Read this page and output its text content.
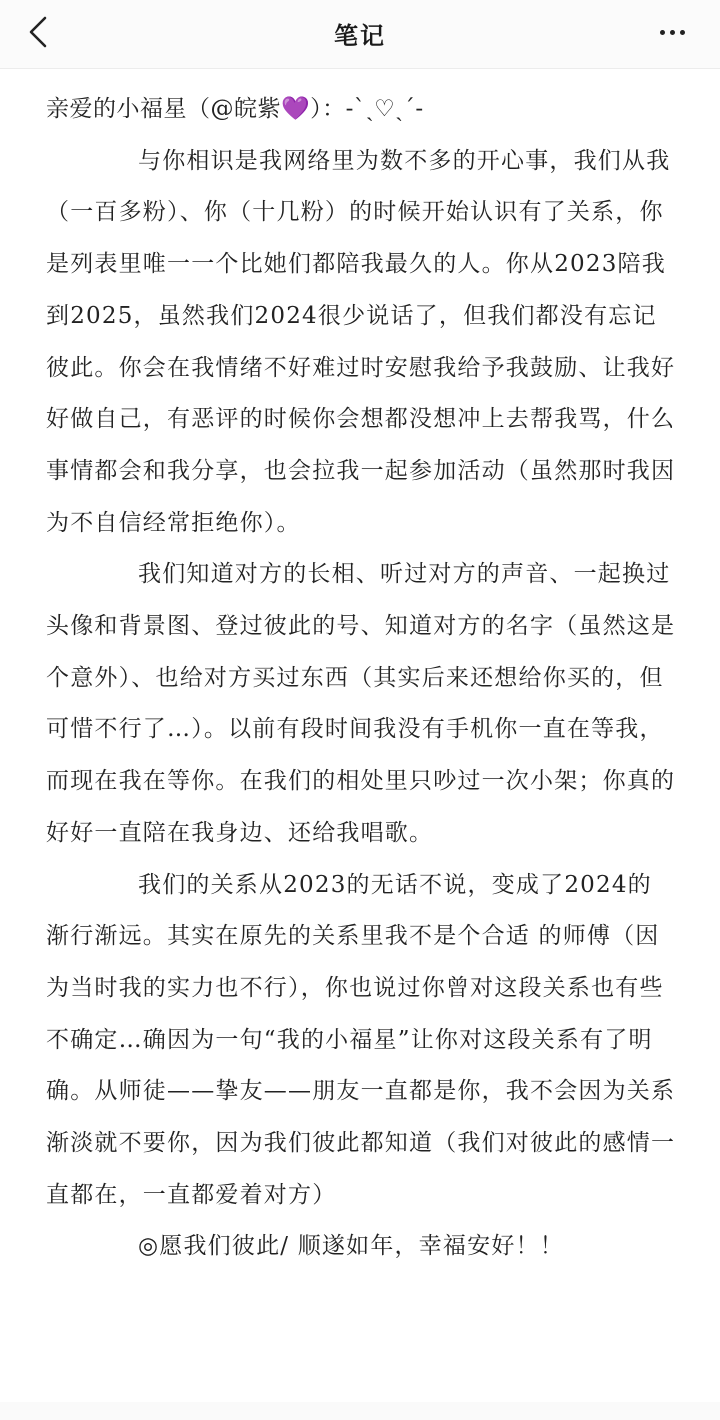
笔记

亲爱的小福星（@皖紫💜）：-ˋˏ♡ˎˊ-

与你相识是我网络里为数不多的开心事，我们从我（一百多粉）、你（十几粉）的时候开始认识有了关系，你是列表里唯一一个比她们都陪我最久的人。你从2023陪我到2025，虽然我们2024很少说话了，但我们都没有忘记彼此。你会在我情绪不好难过时安慰我给予我鼓励、让我好好做自己，有恶评的时候你会想都没想冲上去帮我骂，什么事情都会和我分享，也会拉我一起参加活动（虽然那时我因为不自信经常拒绝你）。

我们知道对方的长相、听过对方的声音、一起换过头像和背景图、登过彼此的号、知道对方的名字（虽然这是个意外）、也给对方买过东西（其实后来还想给你买的，但可惜不行了…）。以前有段时间我没有手机你一直在等我，而现在我在等你。在我们的相处里只吵过一次小架；你真的好好一直陪在我身边、还给我唱歌。

我们的关系从2023的无话不说，变成了2024的渐行渐远。其实在原先的关系里我不是个合适 的师傅（因为当时我的实力也不行），你也说过你曾对这段关系也有些不确定…确因为一句“我的小福星”让你对这段关系有了明确。从师徒——挚友——朋友一直都是你，我不会因为关系渐淡就不要你，因为我们彼此都知道（我们对彼此的感情一直都在，一直都爱着对方）

◎愿我们彼此/ 顺遂如年，幸福安好！！
